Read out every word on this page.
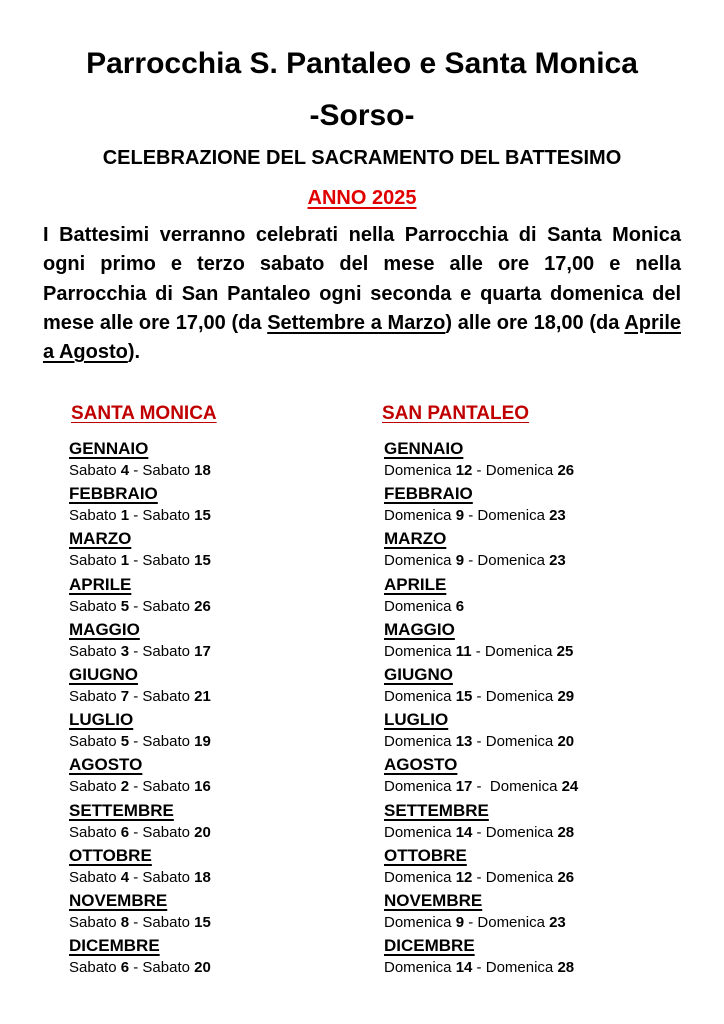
Parrocchia S. Pantaleo e Santa Monica
-Sorso-
CELEBRAZIONE DEL SACRAMENTO DEL BATTESIMO
ANNO 2025

I Battesimi verranno celebrati nella Parrocchia di Santa Monica ogni primo e terzo sabato del mese alle ore 17,00 e nella Parrocchia di San Pantaleo ogni seconda e quarta domenica del mese alle ore 17,00 (da Settembre a Marzo) alle ore 18,00 (da Aprile a Agosto).

SANTA MONICA
GENNAIO
Sabato 4 - Sabato 18
FEBBRAIO
Sabato 1 - Sabato 15
MARZO
Sabato 1 - Sabato 15
APRILE
Sabato 5 - Sabato 26
MAGGIO
Sabato 3 - Sabato 17
GIUGNO
Sabato 7 - Sabato 21
LUGLIO
Sabato 5 - Sabato 19
AGOSTO
Sabato 2 - Sabato 16
SETTEMBRE
Sabato 6 - Sabato 20
OTTOBRE
Sabato 4 - Sabato 18
NOVEMBRE
Sabato 8 - Sabato 15
DICEMBRE
Sabato 6 - Sabato 20
SAN PANTALEO
GENNAIO
Domenica 12 - Domenica 26
FEBBRAIO
Domenica 9 - Domenica 23
MARZO
Domenica 9 - Domenica 23
APRILE
Domenica 6
MAGGIO
Domenica 11 - Domenica 25
GIUGNO
Domenica 15 - Domenica 29
LUGLIO
Domenica 13 - Domenica 20
AGOSTO
Domenica 17 -  Domenica 24
SETTEMBRE
Domenica 14 - Domenica 28
OTTOBRE
Domenica 12 - Domenica 26
NOVEMBRE
Domenica 9 - Domenica 23
DICEMBRE
Domenica 14 - Domenica 28
